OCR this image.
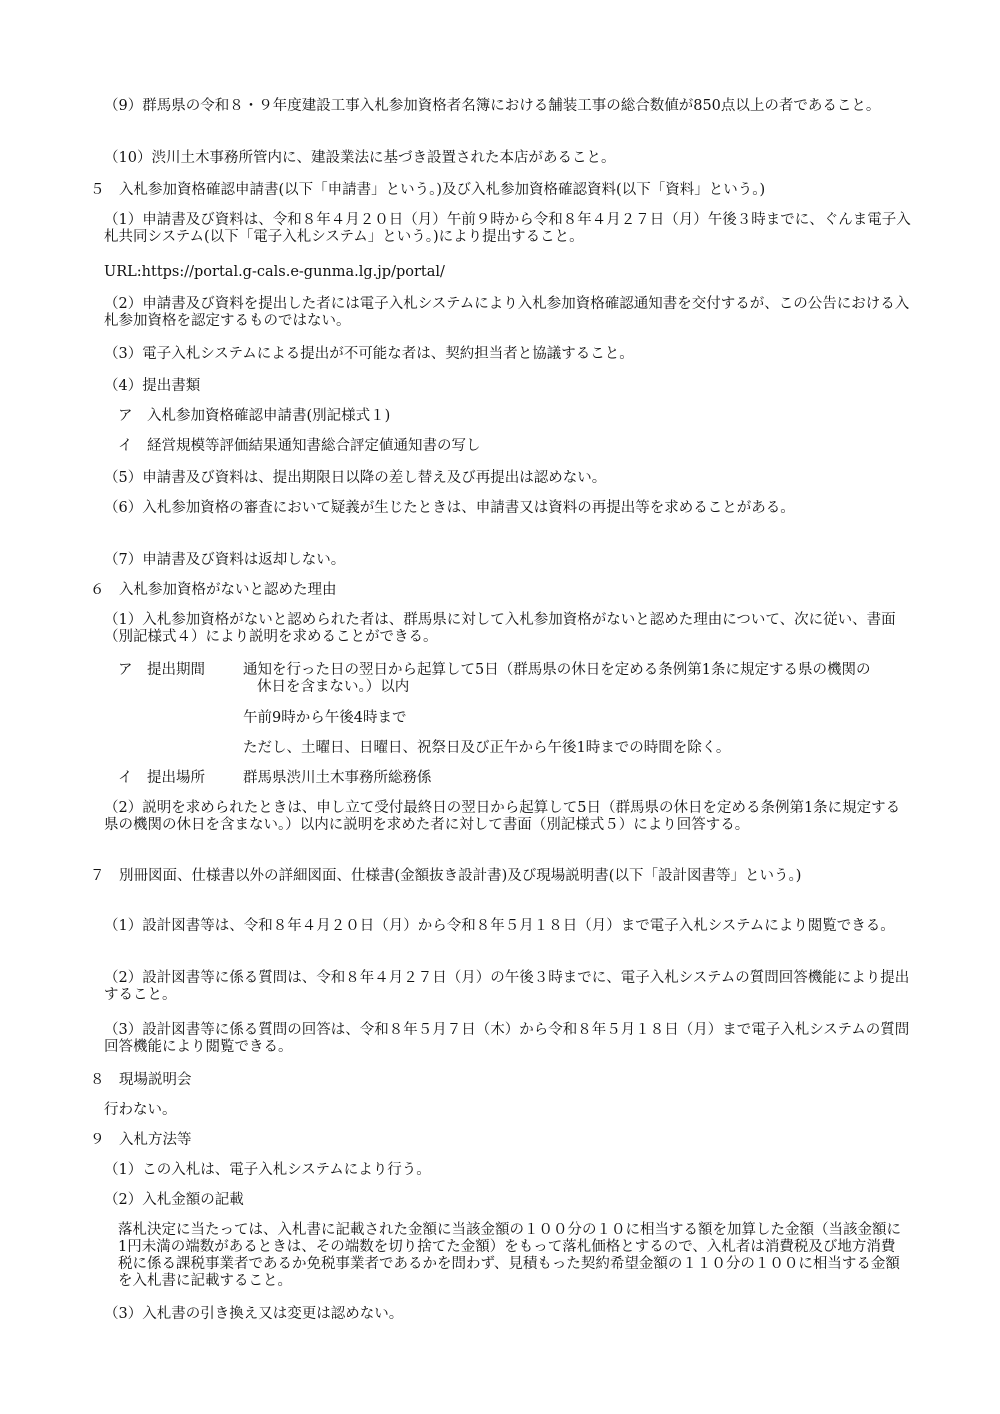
（9）群馬県の令和８・９年度建設工事入札参加資格者名簿における舗装工事の総合数値が850点以上の者であること。

（10）渋川土木事務所管内に、建設業法に基づき設置された本店があること。

５　入札参加資格確認申請書(以下「申請書」という。)及び入札参加資格確認資料(以下「資料」という。)

（1）申請書及び資料は、令和８年４月２０日（月）午前９時から令和８年４月２７日（月）午後３時までに、ぐんま電子入札共同システム(以下「電子入札システム」という。)により提出すること。

URL:https://portal.g-cals.e-gunma.lg.jp/portal/

（2）申請書及び資料を提出した者には電子入札システムにより入札参加資格確認通知書を交付するが、この公告における入札参加資格を認定するものではない。

（3）電子入札システムによる提出が不可能な者は、契約担当者と協議すること。

（4）提出書類

ア　入札参加資格確認申請書(別記様式１)

イ　経営規模等評価結果通知書総合評定値通知書の写し

（5）申請書及び資料は、提出期限日以降の差し替え及び再提出は認めない。

（6）入札参加資格の審査において疑義が生じたときは、申請書又は資料の再提出等を求めることがある。

（7）申請書及び資料は返却しない。

６　入札参加資格がないと認めた理由

（1）入札参加資格がないと認められた者は、群馬県に対して入札参加資格がないと認めた理由について、次に従い、書面（別記様式４）により説明を求めることができる。

ア　提出期間	通知を行った日の翌日から起算して5日（群馬県の休日を定める条例第1条に規定する県の機関の休日を含まない。）以内

午前9時から午後4時まで

ただし、土曜日、日曜日、祝祭日及び正午から午後1時までの時間を除く。

イ　提出場所	群馬県渋川土木事務所総務係

（2）説明を求められたときは、申し立て受付最終日の翌日から起算して5日（群馬県の休日を定める条例第1条に規定する県の機関の休日を含まない。）以内に説明を求めた者に対して書面（別記様式５）により回答する。

７　別冊図面、仕様書以外の詳細図面、仕様書(金額抜き設計書)及び現場説明書(以下「設計図書等」という。)

（1）設計図書等は、令和８年４月２０日（月）から令和８年５月１８日（月）まで電子入札システムにより閲覧できる。

（2）設計図書等に係る質問は、令和８年４月２７日（月）の午後３時までに、電子入札システムの質問回答機能により提出すること。

（3）設計図書等に係る質問の回答は、令和８年５月７日（木）から令和８年５月１８日（月）まで電子入札システムの質問回答機能により閲覧できる。

８　現場説明会

行わない。

９　入札方法等

（1）この入札は、電子入札システムにより行う。

（2）入札金額の記載

落札決定に当たっては、入札書に記載された金額に当該金額の１００分の１０に相当する額を加算した金額（当該金額に1円未満の端数があるときは、その端数を切り捨てた金額）をもって落札価格とするので、入札者は消費税及び地方消費税に係る課税事業者であるか免税事業者であるかを問わず、見積もった契約希望金額の１１０分の１００に相当する金額を入札書に記載すること。

（3）入札書の引き換え又は変更は認めない。
